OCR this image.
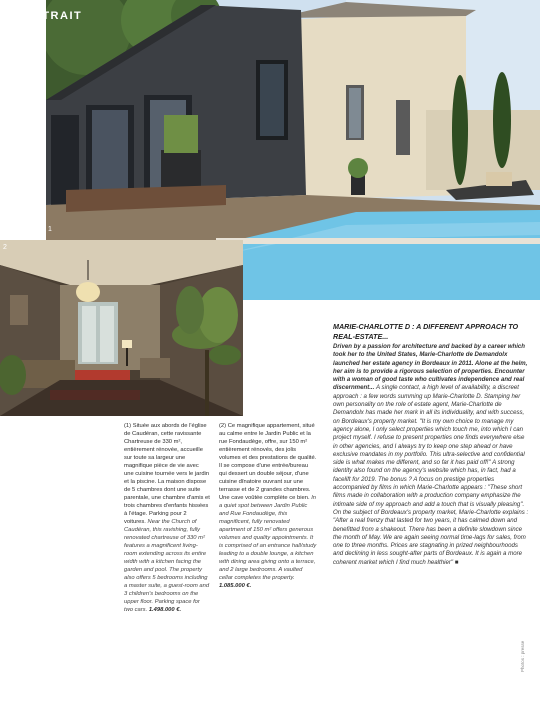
PORTRAIT
1
2

(1) Située aux abords de l'église de Caudéran, cette ravissante Chartreuse de 330 m², entièrement rénovée, accueille sur toute sa largeur une magnifique pièce de vie avec une cuisine tournée vers le jardin et la piscine. La maison dispose de 5 chambres dont une suite parentale, une chambre d'amis et trois chambres d'enfants hissées à l'étage. Parking pour 2 voitures. Near the Church of Caudéran, this ravishing, fully renovated chartreuse of 330 m² features a magnificent living-room extending across its entire width with a kitchen facing the garden and pool. The property also offers 5 bedrooms including a master suite, a guest-room and 3 children's bedrooms on the upper floor. Parking space for two cars. 1.498.000 €.

(2) Ce magnifique appartement, situé au calme entre le Jardin Public et la rue Fondaudège, offre, sur 150 m² entièrement rénovés, des jolis volumes et des prestations de qualité. Il se compose d'une entrée/bureau qui dessert un double séjour, d'une cuisine dînatoire ouvrant sur une terrasse et de 2 grandes chambres. Une cave voûtée complète ce bien. In a quiet spot between Jardin Public and Rue Fondaudège, this magnificent, fully renovated apartment of 150 m² offers generous volumes and quality appointments. It is comprised of an entrance hall/study leading to a double lounge, a kitchen with dining area giving onto a terrace, and 2 large bedrooms. A vaulted cellar completes the property. 1.085.000 €.

MARIE-CHARLOTTE D : A DIFFERENT APPROACH TO REAL-ESTATE...

Driven by a passion for architecture and backed by a career which took her to the United States, Marie-Charlotte de Demandolx launched her estate agency in Bordeaux in 2011. Alone at the helm, her aim is to provide a rigorous selection of properties. Encounter with a woman of good taste who cultivates independence and real discernment... A single contact, a high level of availability, a discreet approach : a few words summing up Marie-Charlotte D. Stamping her own personality on the role of estate agent, Marie-Charlotte de Demandolx has made her mark in all its individuality, and with success, on Bordeaux's property market. "It is my own choice to manage my agency alone, I only select properties which touch me, into which I can project myself. I refuse to present properties one finds everywhere else in other agencies, and I always try to keep one step ahead or have exclusive mandates in my portfolio. This ultra-selective and confidential side is what makes me different, and so far it has paid off!" A strong identity also found on the agency's website which has, in fact, had a facelift for 2019. The bonus ? A focus on prestige properties accompanied by films in which Marie-Charlotte appears : "These short films made in collaboration with a production company emphasize the intimate side of my approach and add a touch that is visually pleasing". On the subject of Bordeaux's property market, Marie-Charlotte explains : "After a real frenzy that lasted for two years, it has calmed down and benefitted from a shakeout. There has been a definite slowdown since the month of May. We are again seeing normal time-lags for sales, from one to three months. Prices are stagnating in prized neighbourhoods and declining in less sought-after parts of Bordeaux. It is again a more coherent market which I find much healthier" ■

Photos : presse
